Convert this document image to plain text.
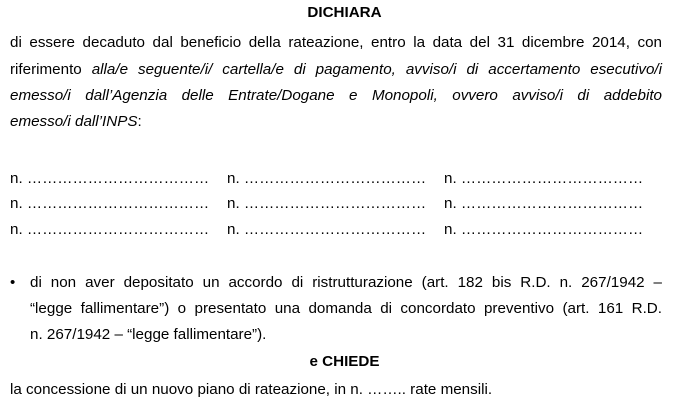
DICHIARA
di essere decaduto dal beneficio della rateazione, entro la data del 31 dicembre 2014, con
riferimento alla/e seguente/i/ cartella/e di pagamento, avviso/i di accertamento esecutivo/i
emesso/i dall’Agenzia delle Entrate/Dogane e Monopoli, ovvero avviso/i di addebito
emesso/i dall’INPS:
n. ……………………………… n. ……………………………… n. ………………………………
n. ……………………………… n. ……………………………… n. ………………………………
n. ……………………………… n. ……………………………… n. ………………………………
• di non aver depositato un accordo di ristrutturazione (art. 182 bis R.D. n. 267/1942 –
“legge fallimentare”) o presentato una domanda di concordato preventivo (art. 161 R.D.
n. 267/1942 – “legge fallimentare”).
e CHIEDE
la concessione di un nuovo piano di rateazione, in n. …….. rate mensili.
